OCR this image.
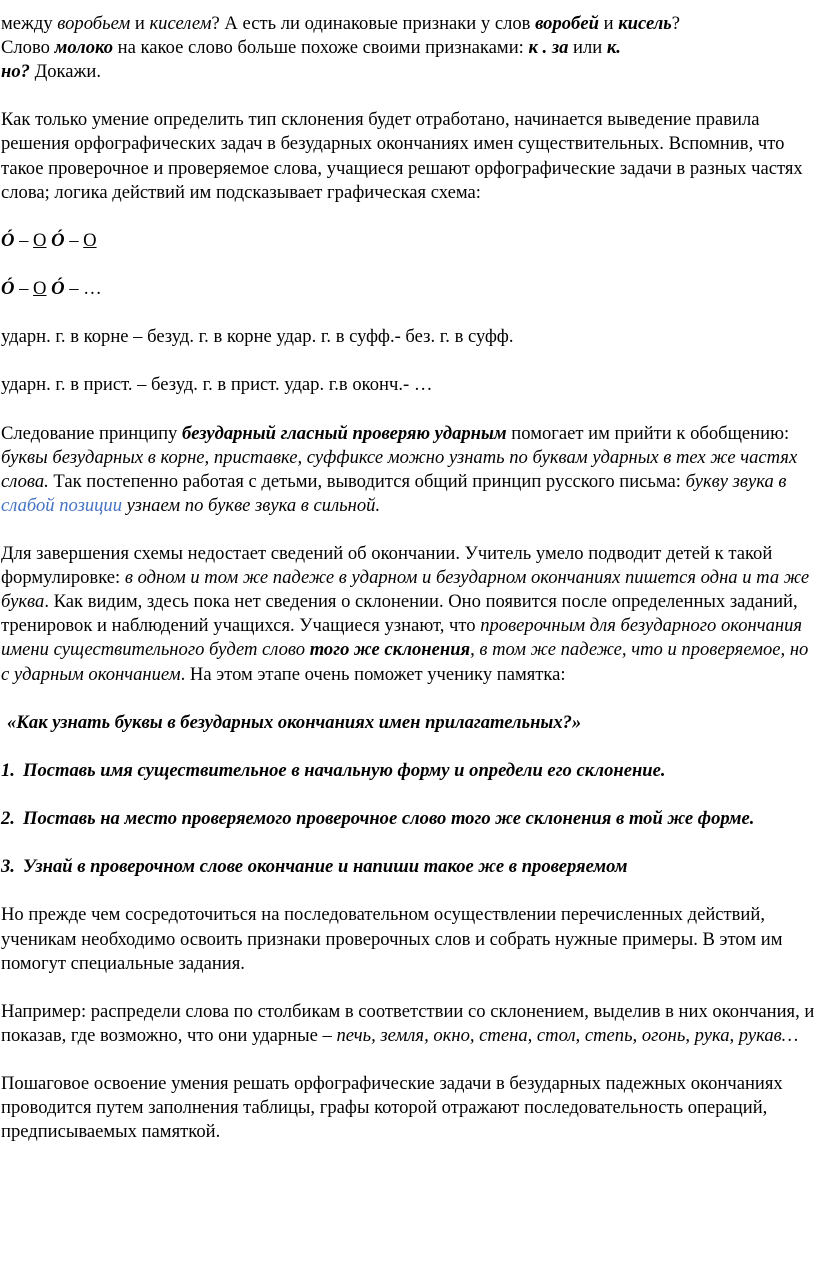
между воробьем и киселем? А есть ли одинаковые признаки у слов воробей и кисель?

Слово молоко на какое слово больше похоже своими признаками: к . за или к.

но? Докажи.

Как только умение определить тип склонения будет отработано, начинается выведение правила решения орфографических задач в безударных окончаниях имен существительных. Вспомнив, что такое проверочное и проверяемое слова, учащиеся решают орфографические задачи в разных частях слова; логика действий им подсказывает графическая схема:

Ó – О Ó – О

Ó – О Ó – …

ударн. г. в корне – безуд. г. в корне удар. г. в суфф.- без. г. в суфф.

ударн. г. в прист. – безуд. г. в прист. удар. г.в оконч.- …

Следование принципу безударный гласный проверяю ударным помогает им прийти к обобщению: буквы безударных в корне, приставке, суффиксе можно узнать по буквам ударных в тех же частях слова. Так постепенно работая с детьми, выводится общий принцип русского письма: букву звука в слабой позиции узнаем по букве звука в сильной.

Для завершения схемы недостает сведений об окончании. Учитель умело подводит детей к такой формулировке: в одном и том же падеже в ударном и безударном окончаниях пишется одна и та же буква. Как видим, здесь пока нет сведения о склонении. Оно появится после определенных заданий, тренировок и наблюдений учащихся. Учащиеся узнают, что проверочным для безударного окончания имени существительного будет слово того же склонения, в том же падеже, что и проверяемое, но с ударным окончанием. На этом этапе очень поможет ученику памятка:

«Как узнать буквы в безударных окончаниях имен прилагательных?»

1. Поставь имя существительное в начальную форму и определи его склонение.

2. Поставь на место проверяемого проверочное слово того же склонения в той же форме.

3. Узнай в проверочном слове окончание и напиши такое же в проверяемом

Но прежде чем сосредоточиться на последовательном осуществлении перечисленных действий, ученикам необходимо освоить признаки проверочных слов и собрать нужные примеры. В этом им помогут специальные задания.

Например: распредели слова по столбикам в соответствии со склонением, выделив в них окончания, и показав, где возможно, что они ударные – печь, земля, окно, стена, стол, степь, огонь, рука, рукав…

Пошаговое освоение умения решать орфографические задачи в безударных падежных окончаниях проводится путем заполнения таблицы, графы которой отражают последовательность операций, предписываемых памяткой.
